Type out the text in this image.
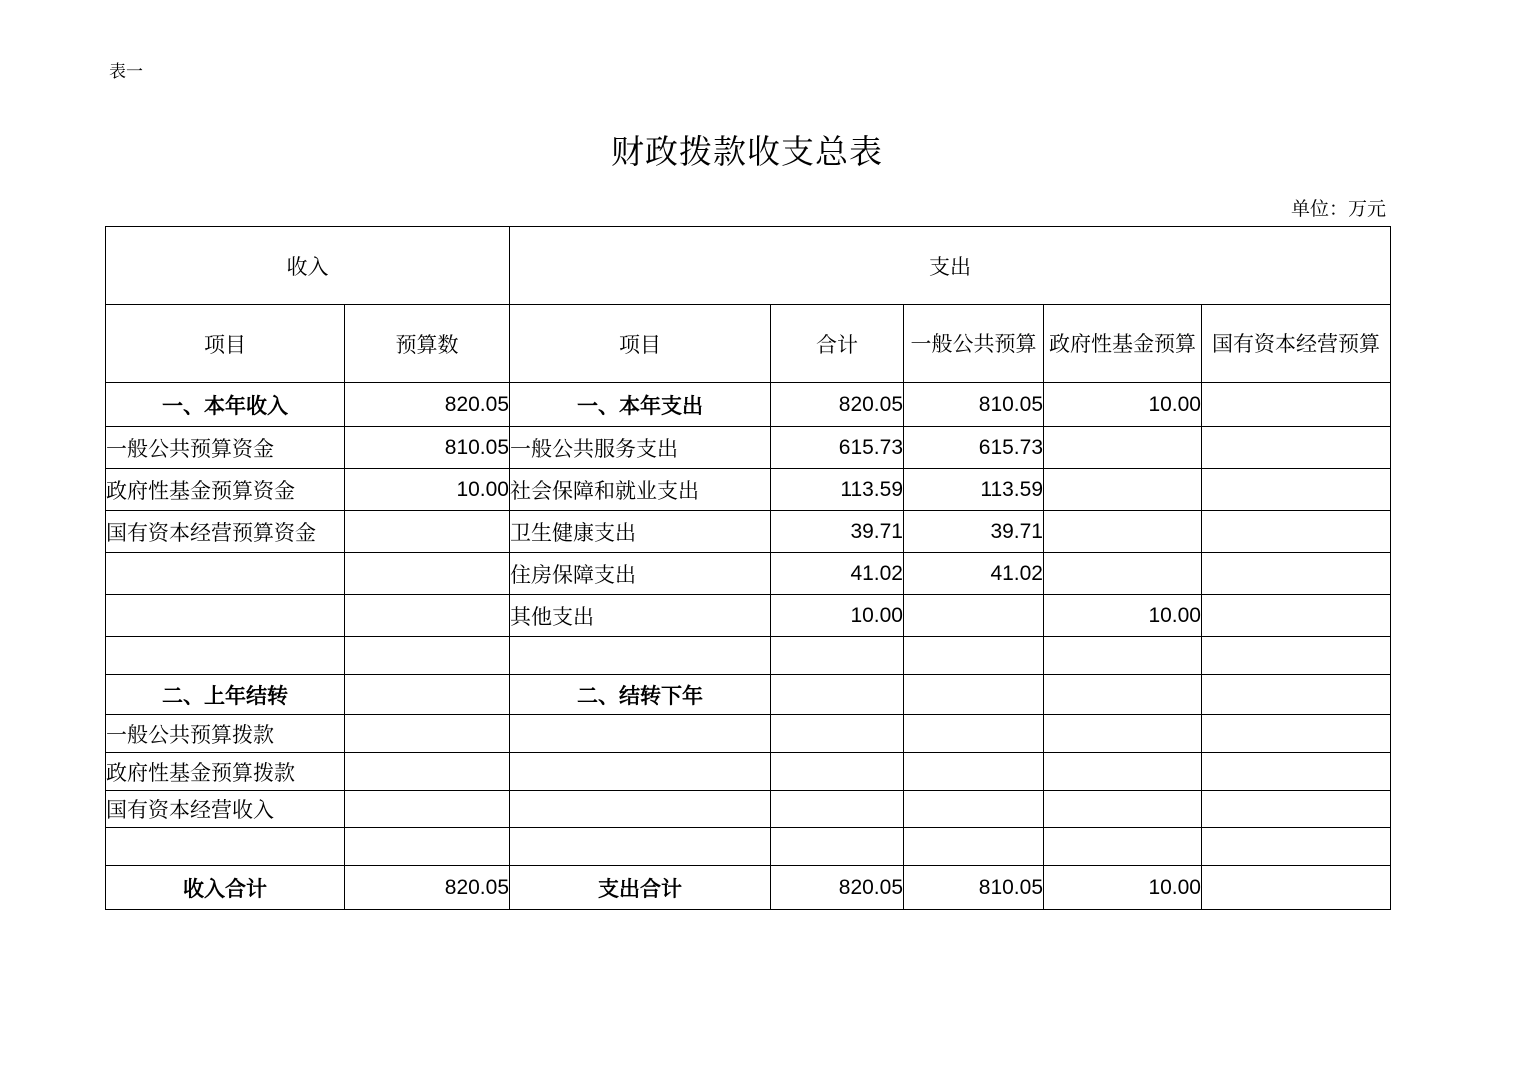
表一
财政拨款收支总表
单位：万元
收入		支出				
项目	预算数	项目	合计	一般公共预算	政府性基金预算	国有资本经营预算
一、本年收入	820.05	一、本年支出	820.05	810.05	10.00	
一般公共预算资金	810.05	一般公共服务支出	615.73	615.73		
政府性基金预算资金	10.00	社会保障和就业支出	113.59	113.59		
国有资本经营预算资金		卫生健康支出	39.71	39.71		
		住房保障支出	41.02	41.02		
		其他支出	10.00		10.00	

二、上年结转		二、结转下年				
一般公共预算拨款						
政府性基金预算拨款						
国有资本经营收入						

收入合计	820.05	支出合计	820.05	810.05	10.00	
